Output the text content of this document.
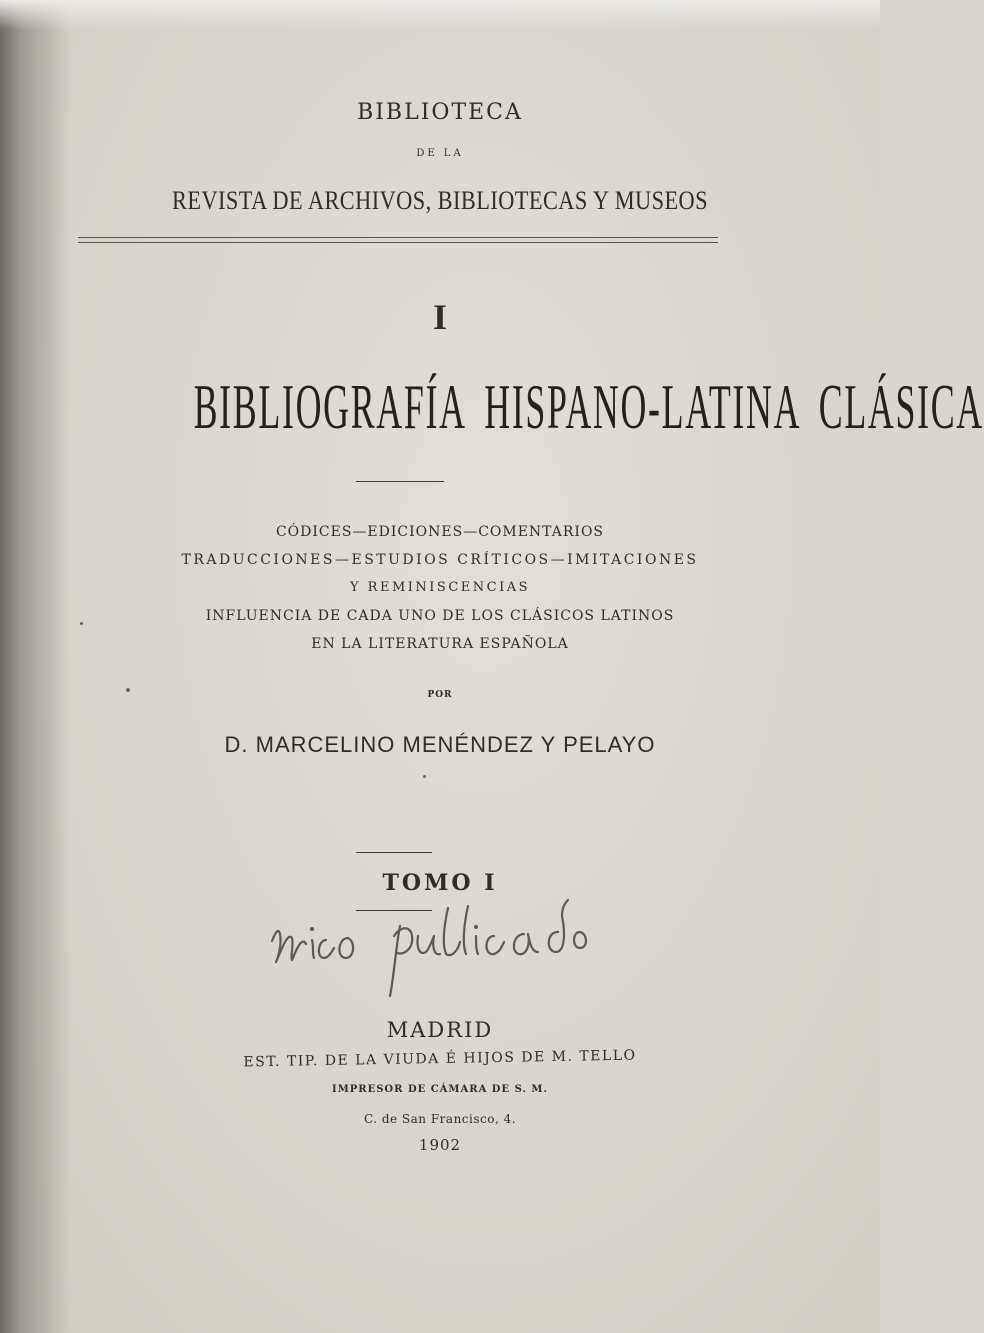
BIBLIOTECA
DE LA
REVISTA DE ARCHIVOS, BIBLIOTECAS Y MUSEOS
I
BIBLIOGRAFÍA HISPANO-LATINA CLÁSICA
CÓDICES—EDICIONES—COMENTARIOS
TRADUCCIONES—ESTUDIOS CRÍTICOS—IMITACIONES
Y REMINISCENCIAS
INFLUENCIA DE CADA UNO DE LOS CLÁSICOS LATINOS
EN LA LITERATURA ESPAÑOLA
POR
D. MARCELINO MENÉNDEZ Y PELAYO
TOMO I
MADRID
EST. TIP. DE LA VIUDA É HIJOS DE M. TELLO
IMPRESOR DE CÁMARA DE S. M.
C. de San Francisco, 4.
1902
